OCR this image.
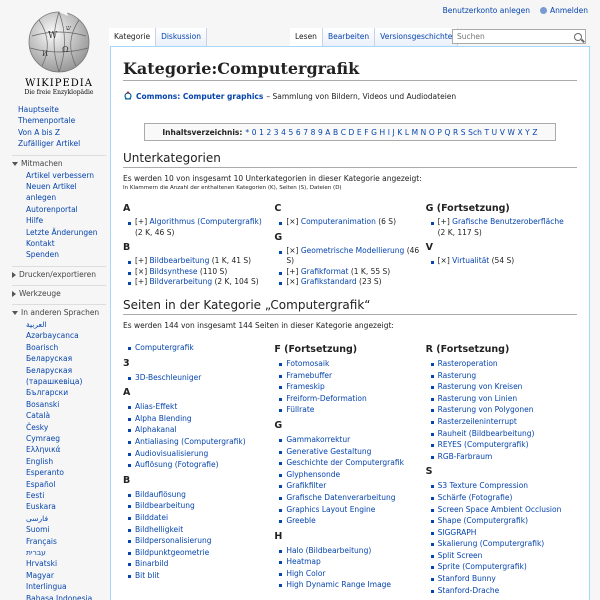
Benutzerkonto anlegen	Anmelden
W
Ω
И
ש
WIKIPEDIA
Die freie Enzyklopädie
Kategorie	Diskussion	Lesen	Bearbeiten	Versionsgeschichte
Suchen
Hauptseite
Themenportale
Von A bis Z
Zufälliger Artikel
Mitmachen
Artikel verbessern
Neuen Artikel anlegen
Autorenportal
Hilfe
Letzte Änderungen
Kontakt
Spenden
Drucken/exportieren
Werkzeuge
In anderen Sprachen
العربية
Azərbaycanca
Boarisch
Беларуская
Беларуская (тарашкевіца)
Български
Bosanski
Català
Česky
Cymraeg
Ελληνικά
English
Esperanto
Español
Eesti
Euskara
فارسی
Suomi
Français
עברית
Hrvatski
Magyar
Interlingua
Bahasa Indonesia
Kategorie:Computergrafik
Commons: Computer graphics – Sammlung von Bildern, Videos und Audiodateien
Inhaltsverzeichnis: * 0 1 2 3 4 5 6 7 8 9 A B C D E F G H I J K L M N O P Q R S Sch T U V W X Y Z
Unterkategorien
Es werden 10 von insgesamt 10 Unterkategorien in dieser Kategorie angezeigt:
In Klammern die Anzahl der enthaltenen Kategorien (K), Seiten (S), Dateien (D)
A
[+] Algorithmus (Computergrafik) (2 K, 46 S)
B
[+] Bildbearbeitung (1 K, 41 S)
[×] Bildsynthese (110 S)
[+] Bildverarbeitung (2 K, 104 S)
C
[×] Computeranimation (6 S)
G
[×] Geometrische Modellierung (46 S)
[+] Grafikformat (1 K, 55 S)
[×] Grafikstandard (23 S)
G (Fortsetzung)
[+] Grafische Benutzeroberfläche (2 K, 117 S)
V
[×] Virtualität (54 S)
Seiten in der Kategorie „Computergrafik“
Es werden 144 von insgesamt 144 Seiten in dieser Kategorie angezeigt:
Computergrafik
3
3D-Beschleuniger
A
Alias-Effekt
Alpha Blending
Alphakanal
Antialiasing (Computergrafik)
Audiovisualisierung
Auflösung (Fotografie)
B
Bildauflösung
Bildbearbeitung
Bilddatei
Bildhelligkeit
Bildpersonalisierung
Bildpunktgeometrie
Binarbild
Bit blit
F (Fortsetzung)
Fotomosaik
Framebuffer
Frameskip
Freiform-Deformation
Füllrate
G
Gammakorrektur
Generative Gestaltung
Geschichte der Computergrafik
Glyphensonde
Grafikfilter
Grafische Datenverarbeitung
Graphics Layout Engine
Greeble
H
Halo (Bildbearbeitung)
Heatmap
High Color
High Dynamic Range Image
R (Fortsetzung)
Rasteroperation
Rasterung
Rasterung von Kreisen
Rasterung von Linien
Rasterung von Polygonen
Rasterzeileninterrupt
Rauheit (Bildbearbeitung)
REYES (Computergrafik)
RGB-Farbraum
S
S3 Texture Compression
Schärfe (Fotografie)
Screen Space Ambient Occlusion
Shape (Computergrafik)
SIGGRAPH
Skalierung (Computergrafik)
Split Screen
Sprite (Computergrafik)
Stanford Bunny
Stanford-Drache
